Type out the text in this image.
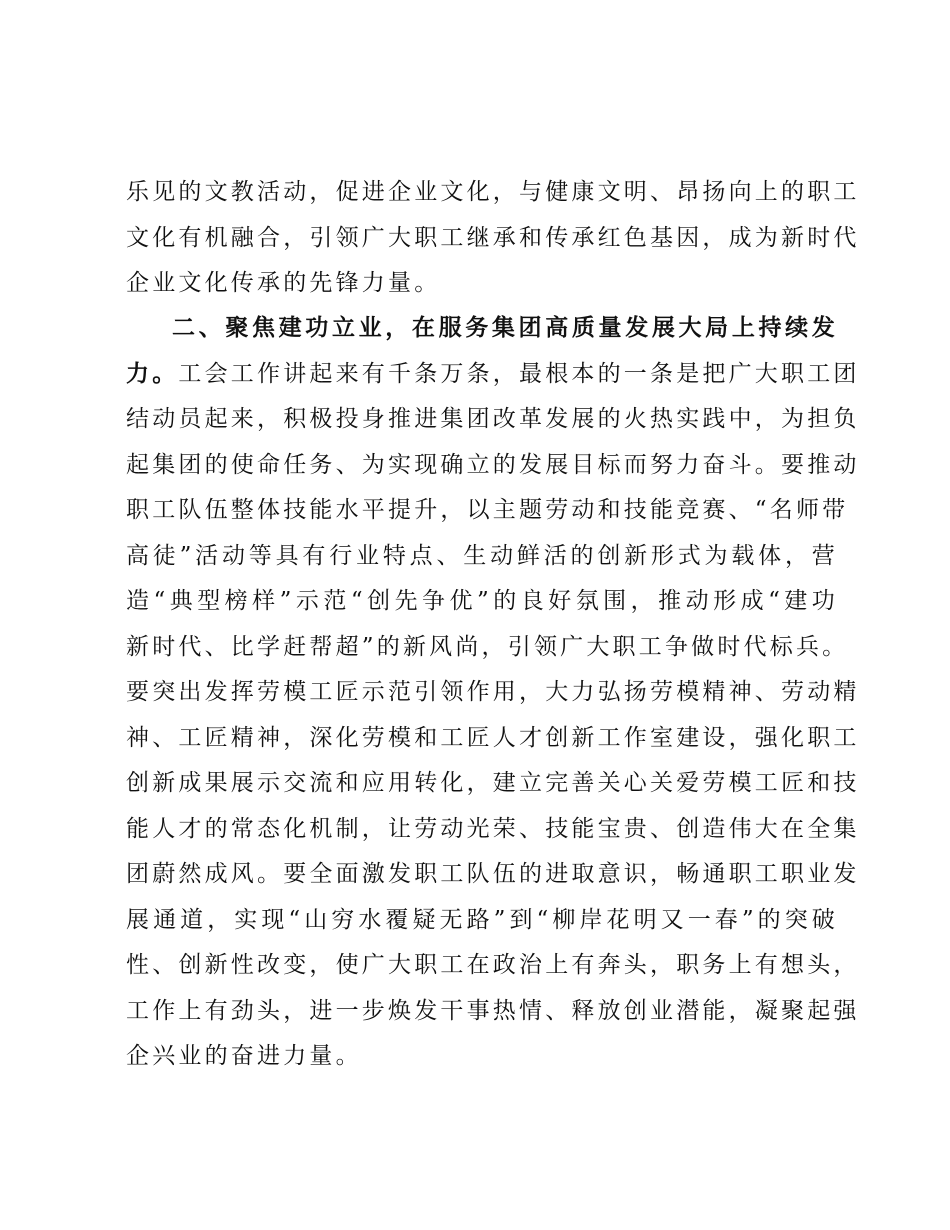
乐见的文教活动，促进企业文化，与健康文明、昂扬向上的职工
文化有机融合，引领广大职工继承和传承红色基因，成为新时代
企业文化传承的先锋力量。
二、聚焦建功立业，在服务集团高质量发展大局上持续发
力。工会工作讲起来有千条万条，最根本的一条是把广大职工团
结动员起来，积极投身推进集团改革发展的火热实践中，为担负
起集团的使命任务、为实现确立的发展目标而努力奋斗。要推动
职工队伍整体技能水平提升，以主题劳动和技能竞赛、“名师带
高徒”活动等具有行业特点、生动鲜活的创新形式为载体，营
造“典型榜样”示范“创先争优”的良好氛围，推动形成“建功
新时代、比学赶帮超”的新风尚，引领广大职工争做时代标兵。
要突出发挥劳模工匠示范引领作用，大力弘扬劳模精神、劳动精
神、工匠精神，深化劳模和工匠人才创新工作室建设，强化职工
创新成果展示交流和应用转化，建立完善关心关爱劳模工匠和技
能人才的常态化机制，让劳动光荣、技能宝贵、创造伟大在全集
团蔚然成风。要全面激发职工队伍的进取意识，畅通职工职业发
展通道，实现“山穷水覆疑无路”到“柳岸花明又一春”的突破
性、创新性改变，使广大职工在政治上有奔头，职务上有想头，
工作上有劲头，进一步焕发干事热情、释放创业潜能，凝聚起强
企兴业的奋进力量。
